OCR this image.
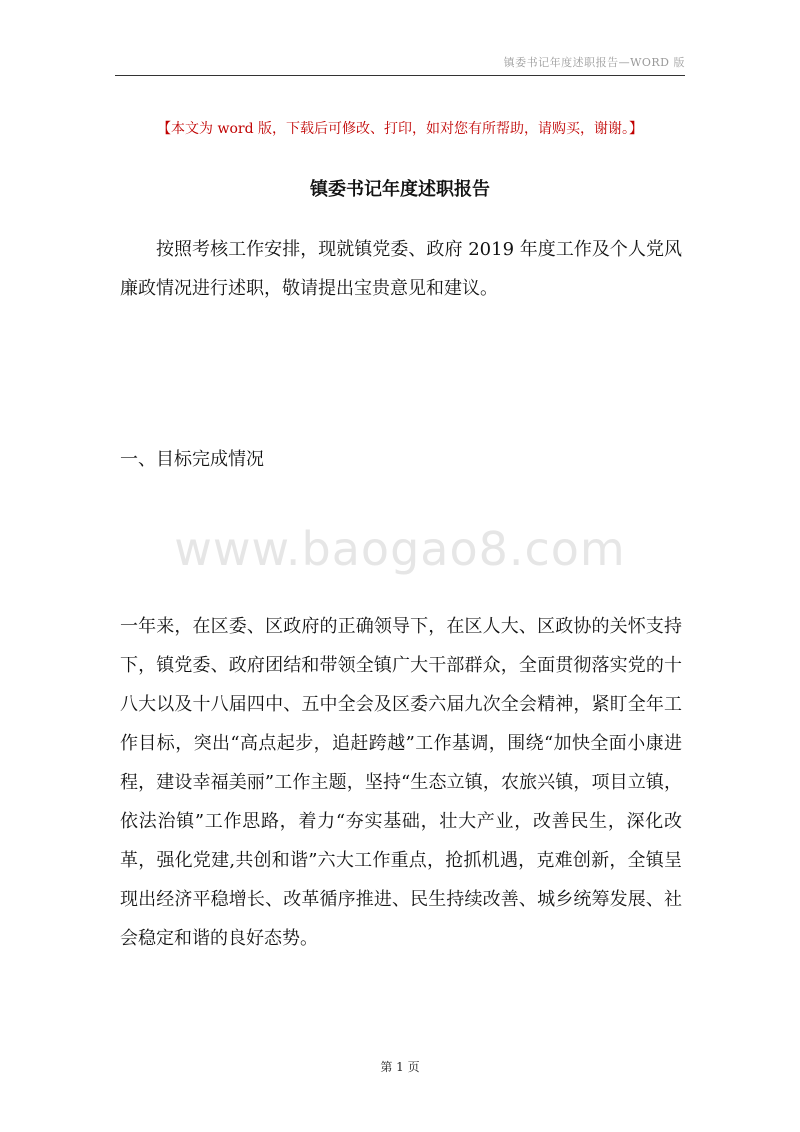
镇委书记年度述职报告—WORD 版
【本文为 word 版，下载后可修改、打印，如对您有所帮助，请购买，谢谢。】
镇委书记年度述职报告

按照考核工作安排，现就镇党委、政府 2019 年度工作及个人党风廉政情况进行述职，敬请提出宝贵意见和建议。

一、目标完成情况

www.baogao8.com

一年来，在区委、区政府的正确领导下，在区人大、区政协的关怀支持下，镇党委、政府团结和带领全镇广大干部群众，全面贯彻落实党的十八大以及十八届四中、五中全会及区委六届九次全会精神，紧盯全年工作目标，突出“高点起步，追赶跨越”工作基调，围绕“加快全面小康进程，建设幸福美丽”工作主题，坚持“生态立镇，农旅兴镇，项目立镇，依法治镇”工作思路，着力“夯实基础，壮大产业，改善民生，深化改革，强化党建,共创和谐”六大工作重点，抢抓机遇，克难创新，全镇呈现出经济平稳增长、改革循序推进、民生持续改善、城乡统筹发展、社会稳定和谐的良好态势。

第 1 页
